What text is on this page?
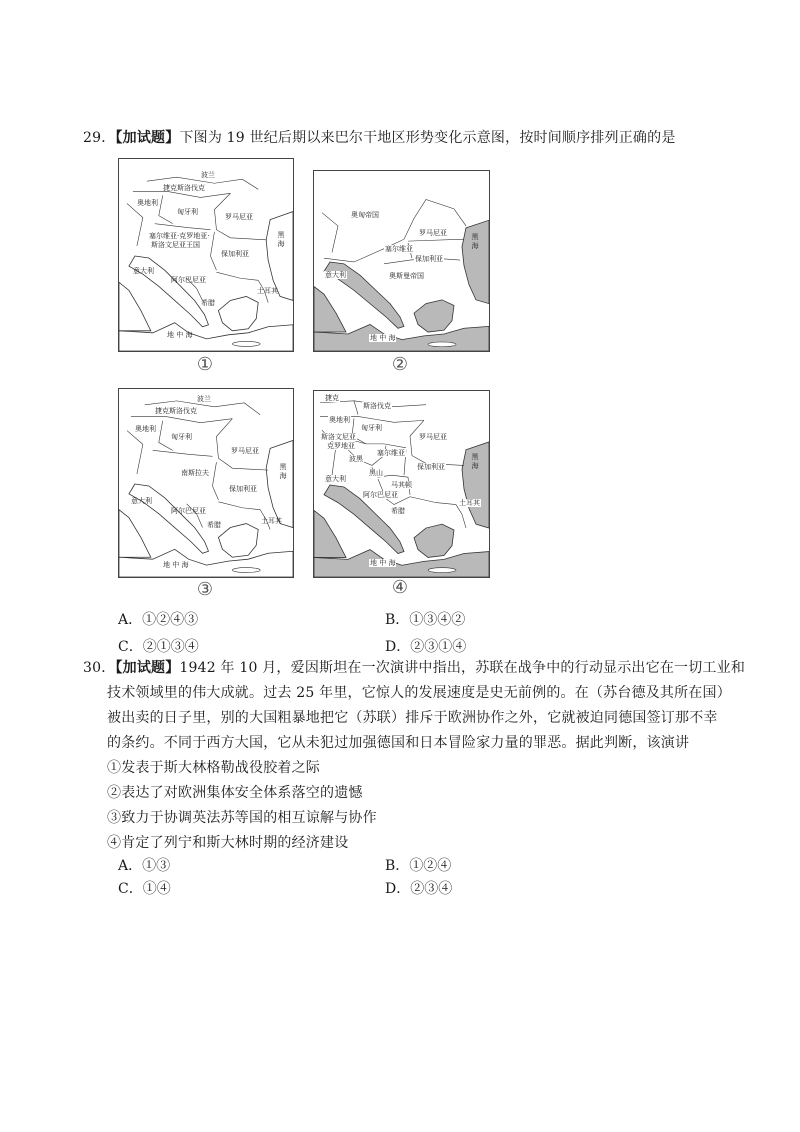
29．【加试题】下图为 19 世纪后期以来巴尔干地区形势变化示意图，按时间顺序排列正确的是
波兰
捷克斯洛伐克
奥地利
匈牙利
罗马尼亚
塞尔维亚·克罗地亚·
斯洛文尼亚王国
保加利亚
意大利
阿尔巴尼亚
希腊
土耳其
黑海
地 中 海
①
奥匈帝国
罗马尼亚
塞尔维亚
保加利亚
奥斯曼帝国
意大利
黑海
地 中 海
②
波兰
捷克斯洛伐克
奥地利
匈牙利
罗马尼亚
南斯拉夫
保加利亚
意大利
阿尔巴尼亚
希腊	土耳其
黑海
地 中 海
③
捷克
斯洛伐克
奥地利
匈牙利
斯洛文尼亚
克罗地亚
罗马尼亚
塞尔维亚
波黑
黑山
保加利亚
意大利
马其顿
阿尔巴尼亚
希腊
土耳其
黑海
地 中 海
④
A．①②④③	B．①③④②
C．②①③④	D．②③①④
30．【加试题】1942 年 10 月，爱因斯坦在一次演讲中指出，苏联在战争中的行动显示出它在一切工业和
技术领域里的伟大成就。过去 25 年里，它惊人的发展速度是史无前例的。在（苏台德及其所在国）
被出卖的日子里，别的大国粗暴地把它（苏联）排斥于欧洲协作之外，它就被迫同德国签订那不幸
的条约。不同于西方大国，它从未犯过加强德国和日本冒险家力量的罪恶。据此判断，该演讲
①发表于斯大林格勒战役胶着之际
②表达了对欧洲集体安全体系落空的遗憾
③致力于协调英法苏等国的相互谅解与协作
④肯定了列宁和斯大林时期的经济建设
A．①③	B．①②④
C．①④	D．②③④
